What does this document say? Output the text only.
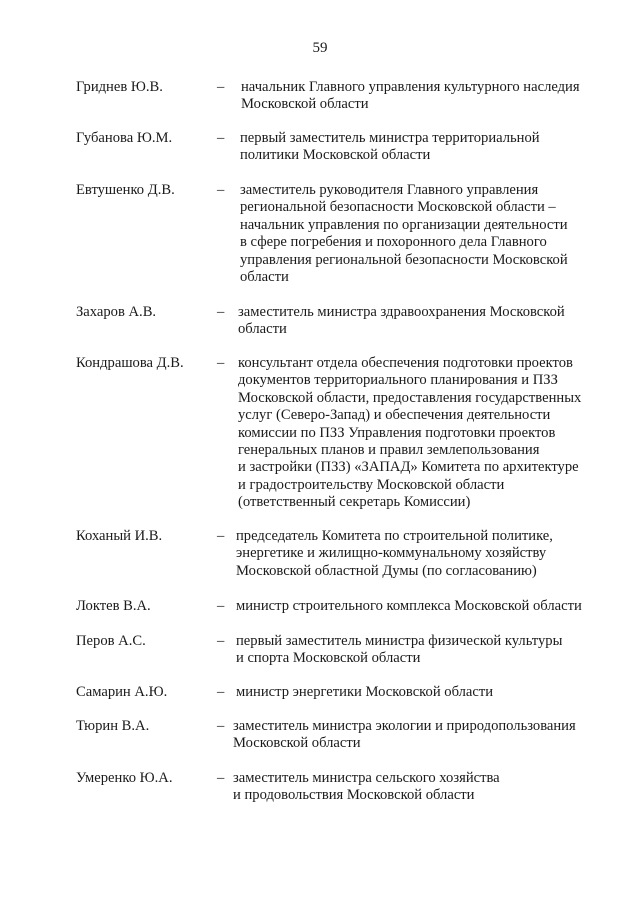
59
Гриднев Ю.В.	– начальник Главного управления культурного наследия
Московской области
Губанова Ю.М.	– первый заместитель министра территориальной
политики Московской области
Евтушенко Д.В.	– заместитель руководителя Главного управления
региональной безопасности Московской области –
начальник управления по организации деятельности
в сфере погребения и похоронного дела Главного
управления региональной безопасности Московской
области
Захаров А.В.	– заместитель министра здравоохранения Московской
области
Кондрашова Д.В. – консультант отдела обеспечения подготовки проектов
документов территориального планирования и ПЗЗ
Московской области, предоставления государственных
услуг (Северо-Запад) и обеспечения деятельности
комиссии по ПЗЗ Управления подготовки проектов
генеральных планов и правил землепользования
и застройки (ПЗЗ) «ЗАПАД» Комитета по архитектуре
и градостроительству Московской области
(ответственный секретарь Комиссии)
Коханый И.В.	– председатель Комитета по строительной политике,
энергетике и жилищно-коммунальному хозяйству
Московской областной Думы (по согласованию)
Локтев В.А.	– министр строительного комплекса Московской области
Перов А.С.	– первый заместитель министра физической культуры
и спорта Московской области
Самарин А.Ю.	– министр энергетики Московской области
Тюрин В.А.	– заместитель министра экологии и природопользования
Московской области
Умеренко Ю.А.	– заместитель министра сельского хозяйства
и продовольствия Московской области
